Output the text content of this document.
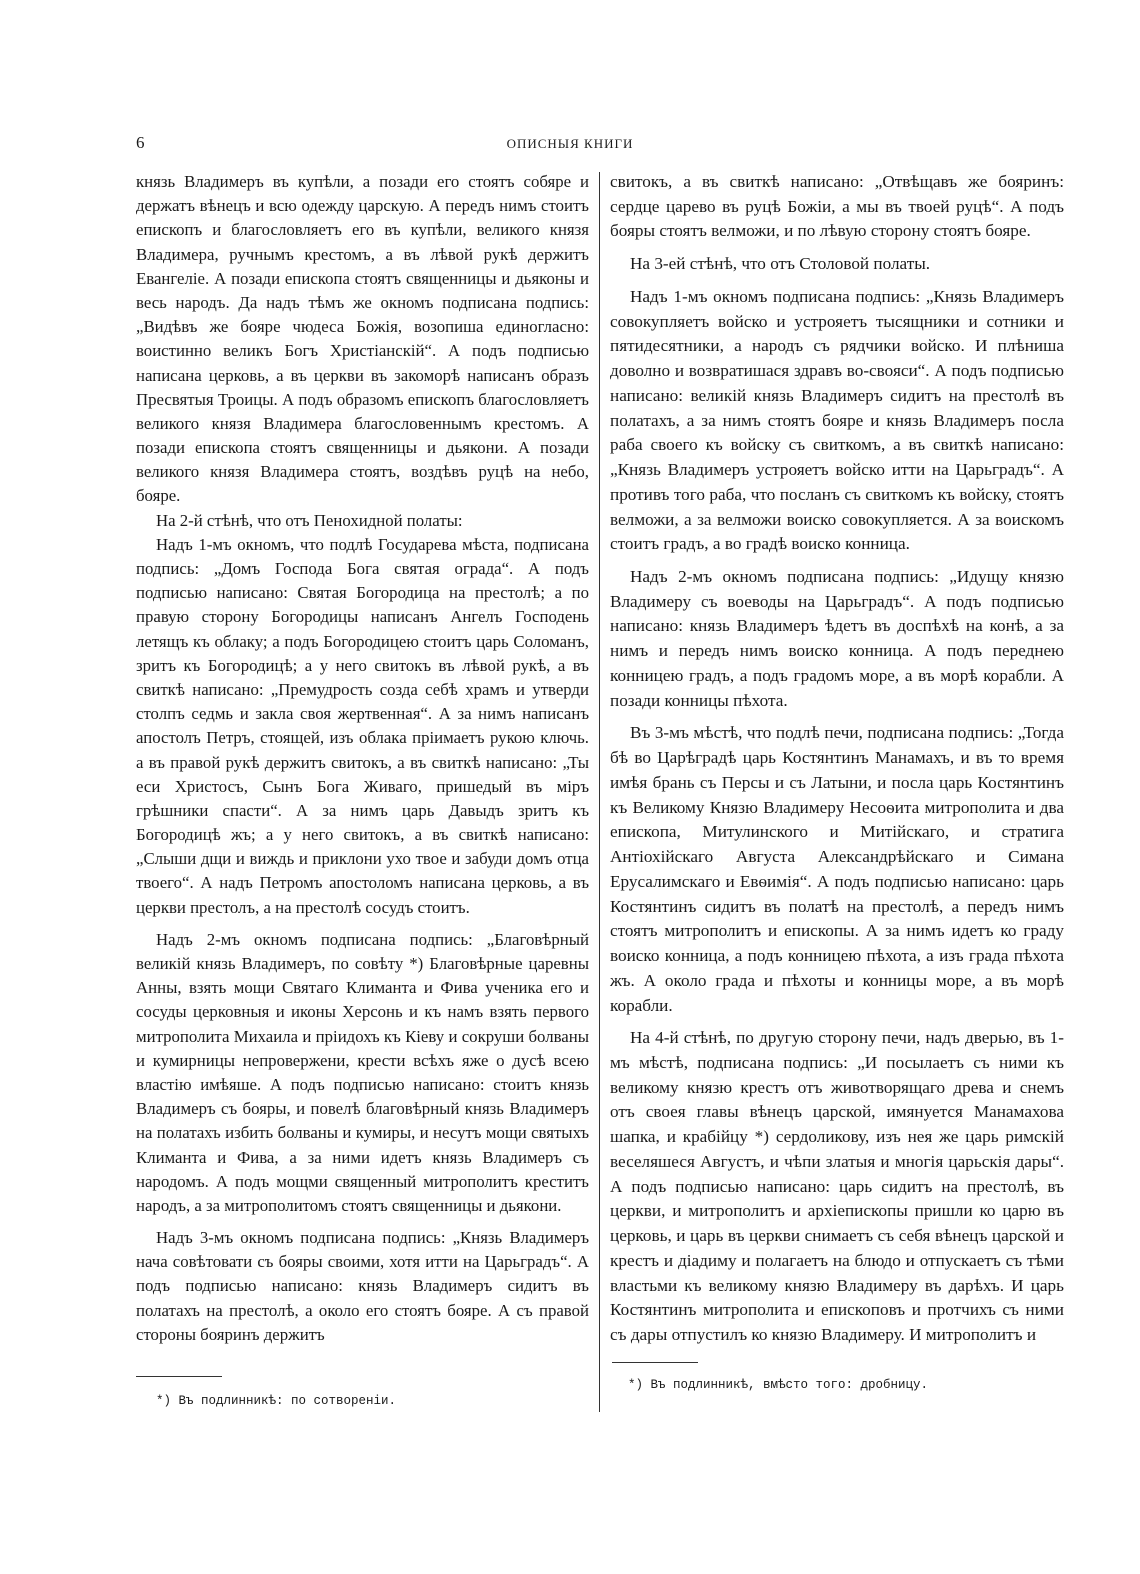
6	ОПИСНЫЯ КНИГИ

князь Владимеръ въ купѣли, а позади его стоятъ собяре и держатъ вѣнецъ и всю одежду царскую. А передъ нимъ стоитъ епископъ и благословляетъ его въ купѣли, великого князя Владимера, ручнымъ крестомъ, а въ лѣвой рукѣ держитъ Евангеліе. А позади епископа стоятъ священницы и дьяконы и весь народъ. Да надъ тѣмъ же окномъ подписана подпись: „Видѣвъ же бояре чюдеса Божія, возопиша единогласно: воистинно великъ Богъ Христіанскій“. А подъ подписью написана церковь, а въ церкви въ закоморѣ написанъ образъ Пресвятыя Троицы. А подъ образомъ епископъ благословляетъ великого князя Владимера благословеннымъ крестомъ. А позади епископа стоятъ священницы и дьякони. А позади великого князя Владимера стоятъ, воздѣвъ руцѣ на небо, бояре.

На 2-й стѣнѣ, что отъ Пенохидной полаты:

Надъ 1-мъ окномъ, что подлѣ Государева мѣста, подписана подпись: „Домъ Господа Бога святая ограда“. А подъ подписью написано: Святая Богородица на престолѣ; а по правую сторону Богородицы написанъ Ангелъ Господень летящъ къ облаку; а подъ Богородицею стоитъ царь Соломанъ, зритъ къ Богородицѣ; а у него свитокъ въ лѣвой рукѣ, а въ свиткѣ написано: „Премудрость созда себѣ храмъ и утверди столпъ седмь и закла своя жертвенная“. А за нимъ написанъ апостолъ Петръ, стоящей, изъ облака пріимаетъ рукою ключь. а въ правой рукѣ держитъ свитокъ, а въ свиткѣ написано: „Ты еси Христосъ, Сынъ Бога Живаго, пришедый въ міръ грѣшники спасти“. А за нимъ царь Давыдъ зритъ къ Богородицѣ жъ; а у него свитокъ, а въ свиткѣ написано: „Слыши дщи и виждь и приклони ухо твое и забуди домъ отца твоего“. А надъ Петромъ апостоломъ написана церковь, а въ церкви престолъ, а на престолѣ сосудъ стоитъ.

Надъ 2-мъ окномъ подписана подпись: „Благовѣрный великій князь Владимеръ, по совѣту *) Благовѣрные царевны Анны, взять мощи Святаго Климанта и Фива ученика его и сосуды церковныя и иконы Херсонь и къ намъ взять первого митрополита Михаила и пріидохъ къ Кіеву и сокруши болваны и кумирницы непровержени, крести всѣхъ яже о дусѣ всею властію имѣяше. А подъ подписью написано: стоитъ князь Владимеръ съ бояры, и повелѣ благовѣрный князь Владимеръ на полатахъ избить болваны и кумиры, и несутъ мощи святыхъ Климанта и Фива, а за ними идетъ князь Владимеръ съ народомъ. А подъ мощми священный митрополитъ креститъ народъ, а за митрополитомъ стоятъ священницы и дьякони.

Надъ 3-мъ окномъ подписана подпись: „Князь Владимеръ нача совѣтовати съ бояры своими, хотя итти на Царьградъ“. А подъ подписью написано: князь Владимеръ сидитъ въ полатахъ на престолѣ, а около его стоятъ бояре. А съ правой стороны бояринъ держитъ

свитокъ, а въ свиткѣ написано: „Отвѣщавъ же бояринъ: сердце царево въ руцѣ Божіи, а мы въ твоей руцѣ“. А подъ бояры стоятъ велможи, и по лѣвую сторону стоятъ бояре.

На 3-ей стѣнѣ, что отъ Столовой полаты.

Надъ 1-мъ окномъ подписана подпись: „Князь Владимеръ совокупляетъ войско и устрояетъ тысящники и сотники и пятидесятники, а народъ съ рядчики войско. И плѣниша доволно и возвратишася здравъ во-свояси“. А подъ подписью написано: великій князь Владимеръ сидитъ на престолѣ въ полатахъ, а за нимъ стоятъ бояре и князь Владимеръ посла раба своего къ войску съ свиткомъ, а въ свиткѣ написано: „Князь Владимеръ устрояетъ войско итти на Царьградъ“. А противъ того раба, что посланъ съ свиткомъ къ войску, стоятъ велможи, а за велможи воиско совокупляется. А за воискомъ стоитъ градъ, а во градѣ воиско конница.

Надъ 2-мъ окномъ подписана подпись: „Идущу князю Владимеру съ воеводы на Царьградъ“. А подъ подписью написано: князь Владимеръ ѣдетъ въ доспѣхѣ на конѣ, а за нимъ и передъ нимъ воиско конница. А подъ переднею конницею градъ, а подъ градомъ море, а въ морѣ корабли. А позади конницы пѣхота.

Въ 3-мъ мѣстѣ, что подлѣ печи, подписана подпись: „Тогда бѣ во Царѣградѣ царь Костянтинъ Манамахъ, и въ то время имѣя брань съ Персы и съ Латыни, и посла царь Костянтинъ къ Великому Князю Владимеру Несоѳита митрополита и два епископа, Митулинского и Митійскаго, и стратига Антіохійскаго Августа Александрѣйскаго и Симана Ерусалимскаго и Евѳимія“. А подъ подписью написано: царь Костянтинъ сидитъ въ полатѣ на престолѣ, а передъ нимъ стоятъ митрополитъ и епископы. А за нимъ идетъ ко граду воиско конница, а подъ конницею пѣхота, а изъ града пѣхота жъ. А около града и пѣхоты и конницы море, а въ морѣ корабли.

На 4-й стѣнѣ, по другую сторону печи, надъ дверью, въ 1-мъ мѣстѣ, подписана подпись: „И посылаетъ съ ними къ великому князю крестъ отъ животворящаго древа и снемъ отъ своея главы вѣнецъ царской, имянуется Манамахова шапка, и крабійцу *) сердоликову, изъ нея же царь римскій веселяшеся Августъ, и чѣпи златыя и многія царьскія дары“. А подъ подписью написано: царь сидитъ на престолѣ, въ церкви, и митрополитъ и архіепископы пришли ко царю въ церковь, и царь въ церкви снимаетъ съ себя вѣнецъ царской и крестъ и діадиму и полагаетъ на блюдо и отпускаетъ съ тѣми властьми къ великому князю Владимеру въ дарѣхъ. И царь Костянтинъ митрополита и епископовъ и протчихъ съ ними съ дары отпустилъ ко князю Владимеру. И митрополитъ и

*) Въ подлинникѣ: по сотворенiи.
*) Въ подлинникѣ, вмѣсто того: дробницу.
